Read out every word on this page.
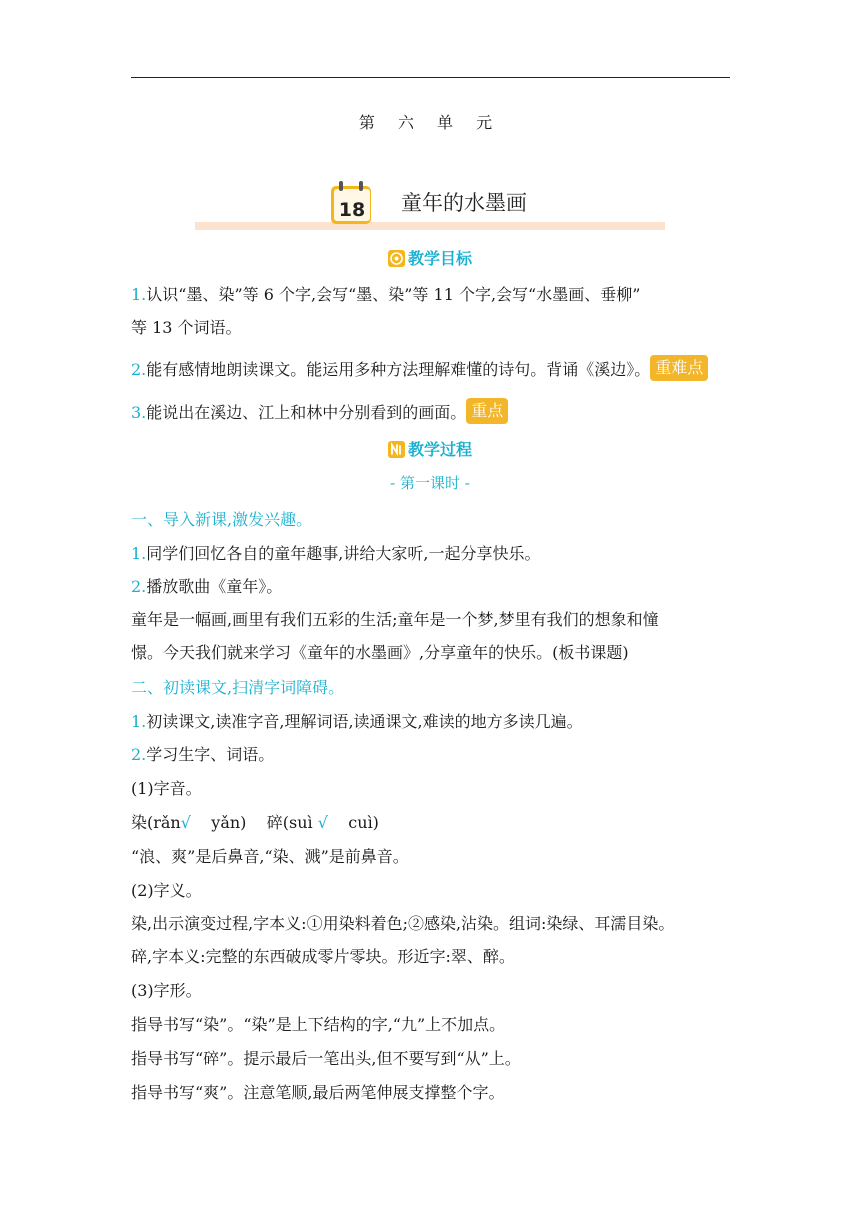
第 六 单 元
18 童年的水墨画
教学目标
1.认识“墨、染”等 6 个字,会写“墨、染”等 11 个字,会写“水墨画、垂柳”
等 13 个词语。
2.能有感情地朗读课文。能运用多种方法理解难懂的诗句。背诵《溪边》。 重难点
3.能说出在溪边、江上和林中分别看到的画面。 重点
教学过程
- 第一课时 -
一、导入新课,激发兴趣。
1.同学们回忆各自的童年趣事,讲给大家听,一起分享快乐。
2.播放歌曲《童年》。
童年是一幅画,画里有我们五彩的生活;童年是一个梦,梦里有我们的想象和憧
憬。今天我们就来学习《童年的水墨画》,分享童年的快乐。(板书课题)
二、初读课文,扫清字词障碍。
1.初读课文,读准字音,理解词语,读通课文,难读的地方多读几遍。
2.学习生字、词语。
(1)字音。
染(rǎn√ yǎn) 碎(suì √ cuì)
“浪、爽”是后鼻音,“染、溅”是前鼻音。
(2)字义。
染,出示演变过程,字本义:①用染料着色;②感染,沾染。组词:染绿、耳濡目染。
碎,字本义:完整的东西破成零片零块。形近字:翠、醉。
(3)字形。
指导书写“染”。“染”是上下结构的字,“九”上不加点。
指导书写“碎”。提示最后一笔出头,但不要写到“从”上。
指导书写“爽”。注意笔顺,最后两笔伸展支撑整个字。
